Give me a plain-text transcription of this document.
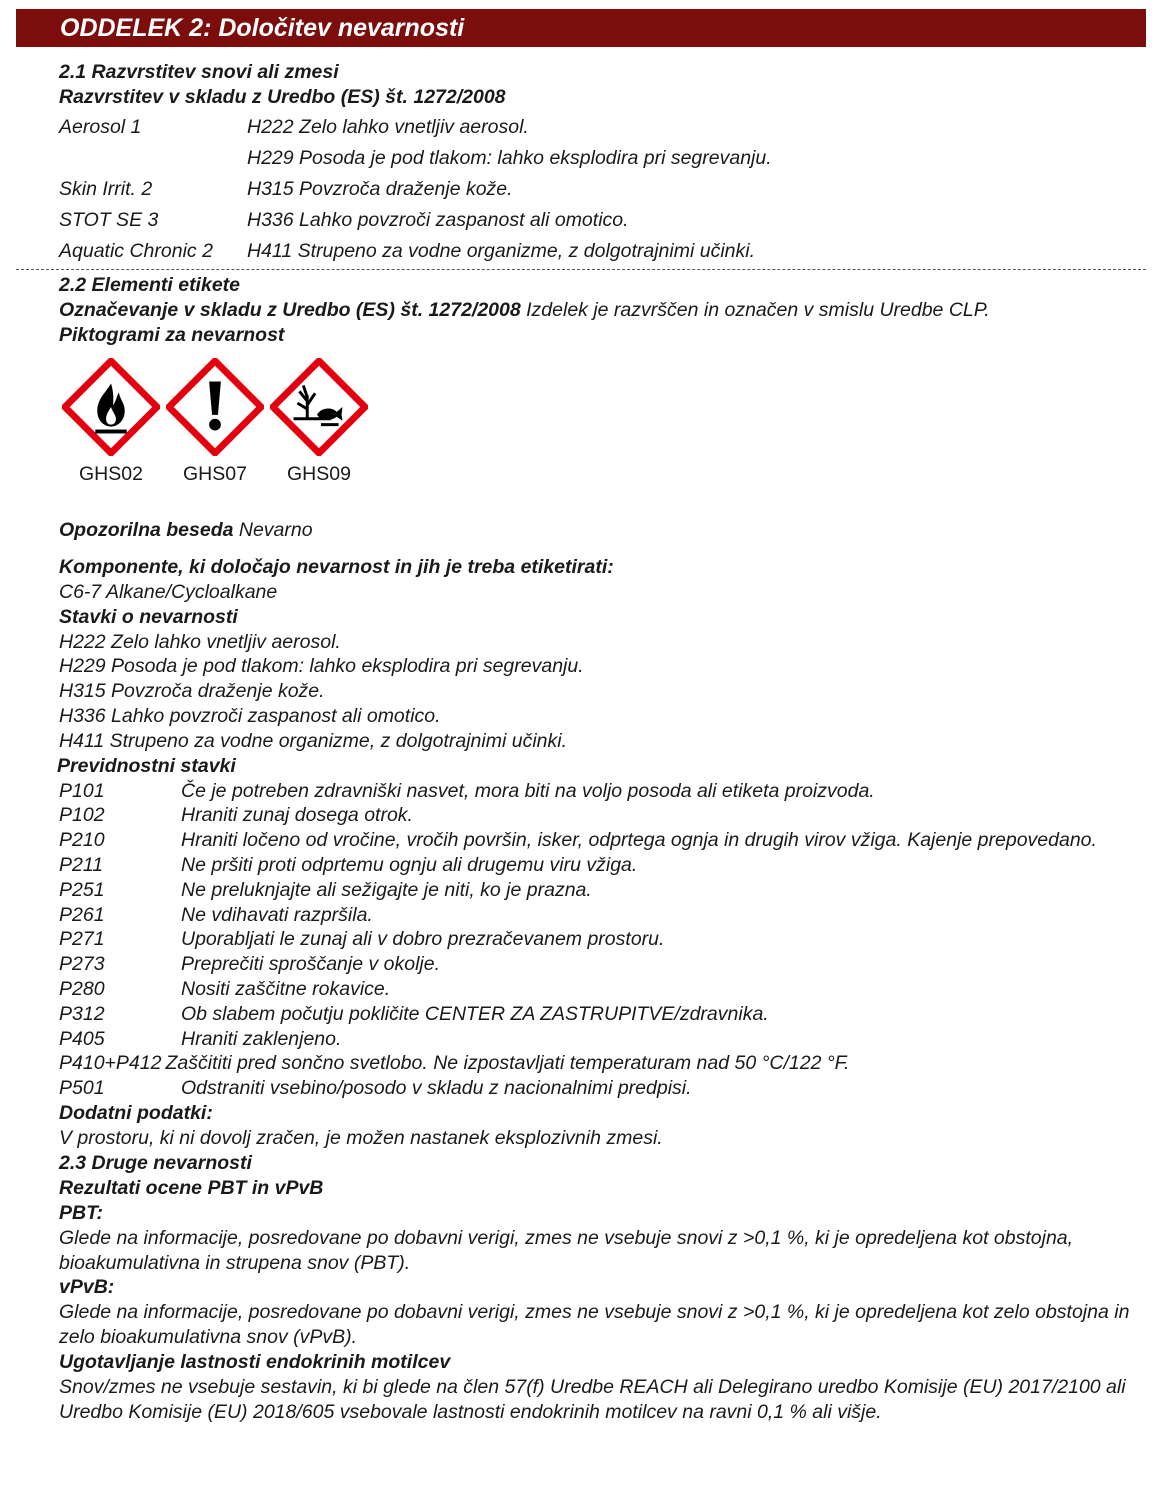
ODDELEK 2: Določitev nevarnosti
2.1 Razvrstitev snovi ali zmesi
Razvrstitev v skladu z Uredbo (ES) št. 1272/2008
Aerosol 1	H222 Zelo lahko vnetljiv aerosol.
H229 Posoda je pod tlakom: lahko eksplodira pri segrevanju.
Skin Irrit. 2	H315 Povzroča draženje kože.
STOT SE 3	H336 Lahko povzroči zaspanost ali omotico.
Aquatic Chronic 2	H411 Strupeno za vodne organizme, z dolgotrajnimi učinki.
2.2 Elementi etikete
Označevanje v skladu z Uredbo (ES) št. 1272/2008 Izdelek je razvrščen in označen v smislu Uredbe CLP.
Piktogrami za nevarnost
GHS02 GHS07 GHS09
Opozorilna beseda Nevarno
Komponente, ki določajo nevarnost in jih je treba etiketirati:
C6-7 Alkane/Cycloalkane
Stavki o nevarnosti
H222 Zelo lahko vnetljiv aerosol.
H229 Posoda je pod tlakom: lahko eksplodira pri segrevanju.
H315 Povzroča draženje kože.
H336 Lahko povzroči zaspanost ali omotico.
H411 Strupeno za vodne organizme, z dolgotrajnimi učinki.
Previdnostni stavki
P101	Če je potreben zdravniški nasvet, mora biti na voljo posoda ali etiketa proizvoda.
P102	Hraniti zunaj dosega otrok.
P210	Hraniti ločeno od vročine, vročih površin, isker, odprtega ognja in drugih virov vžiga. Kajenje prepovedano.
P211	Ne pršiti proti odprtemu ognju ali drugemu viru vžiga.
P251	Ne preluknjajte ali sežigajte je niti, ko je prazna.
P261	Ne vdihavati razpršila.
P271	Uporabljati le zunaj ali v dobro prezračevanem prostoru.
P273	Preprečiti sproščanje v okolje.
P280	Nositi zaščitne rokavice.
P312	Ob slabem počutju pokličite CENTER ZA ZASTRUPITVE/zdravnika.
P405	Hraniti zaklenjeno.
P410+P412 Zaščititi pred sončno svetlobo. Ne izpostavljati temperaturam nad 50 °C/122 °F.
P501	Odstraniti vsebino/posodo v skladu z nacionalnimi predpisi.
Dodatni podatki:
V prostoru, ki ni dovolj zračen, je možen nastanek eksplozivnih zmesi.
2.3 Druge nevarnosti
Rezultati ocene PBT in vPvB
PBT:
Glede na informacije, posredovane po dobavni verigi, zmes ne vsebuje snovi z >0,1 %, ki je opredeljena kot obstojna, bioakumulativna in strupena snov (PBT).
vPvB:
Glede na informacije, posredovane po dobavni verigi, zmes ne vsebuje snovi z >0,1 %, ki je opredeljena kot zelo obstojna in zelo bioakumulativna snov (vPvB).
Ugotavljanje lastnosti endokrinih motilcev
Snov/zmes ne vsebuje sestavin, ki bi glede na člen 57(f) Uredbe REACH ali Delegirano uredbo Komisije (EU) 2017/2100 ali Uredbo Komisije (EU) 2018/605 vsebovale lastnosti endokrinih motilcev na ravni 0,1 % ali višje.
